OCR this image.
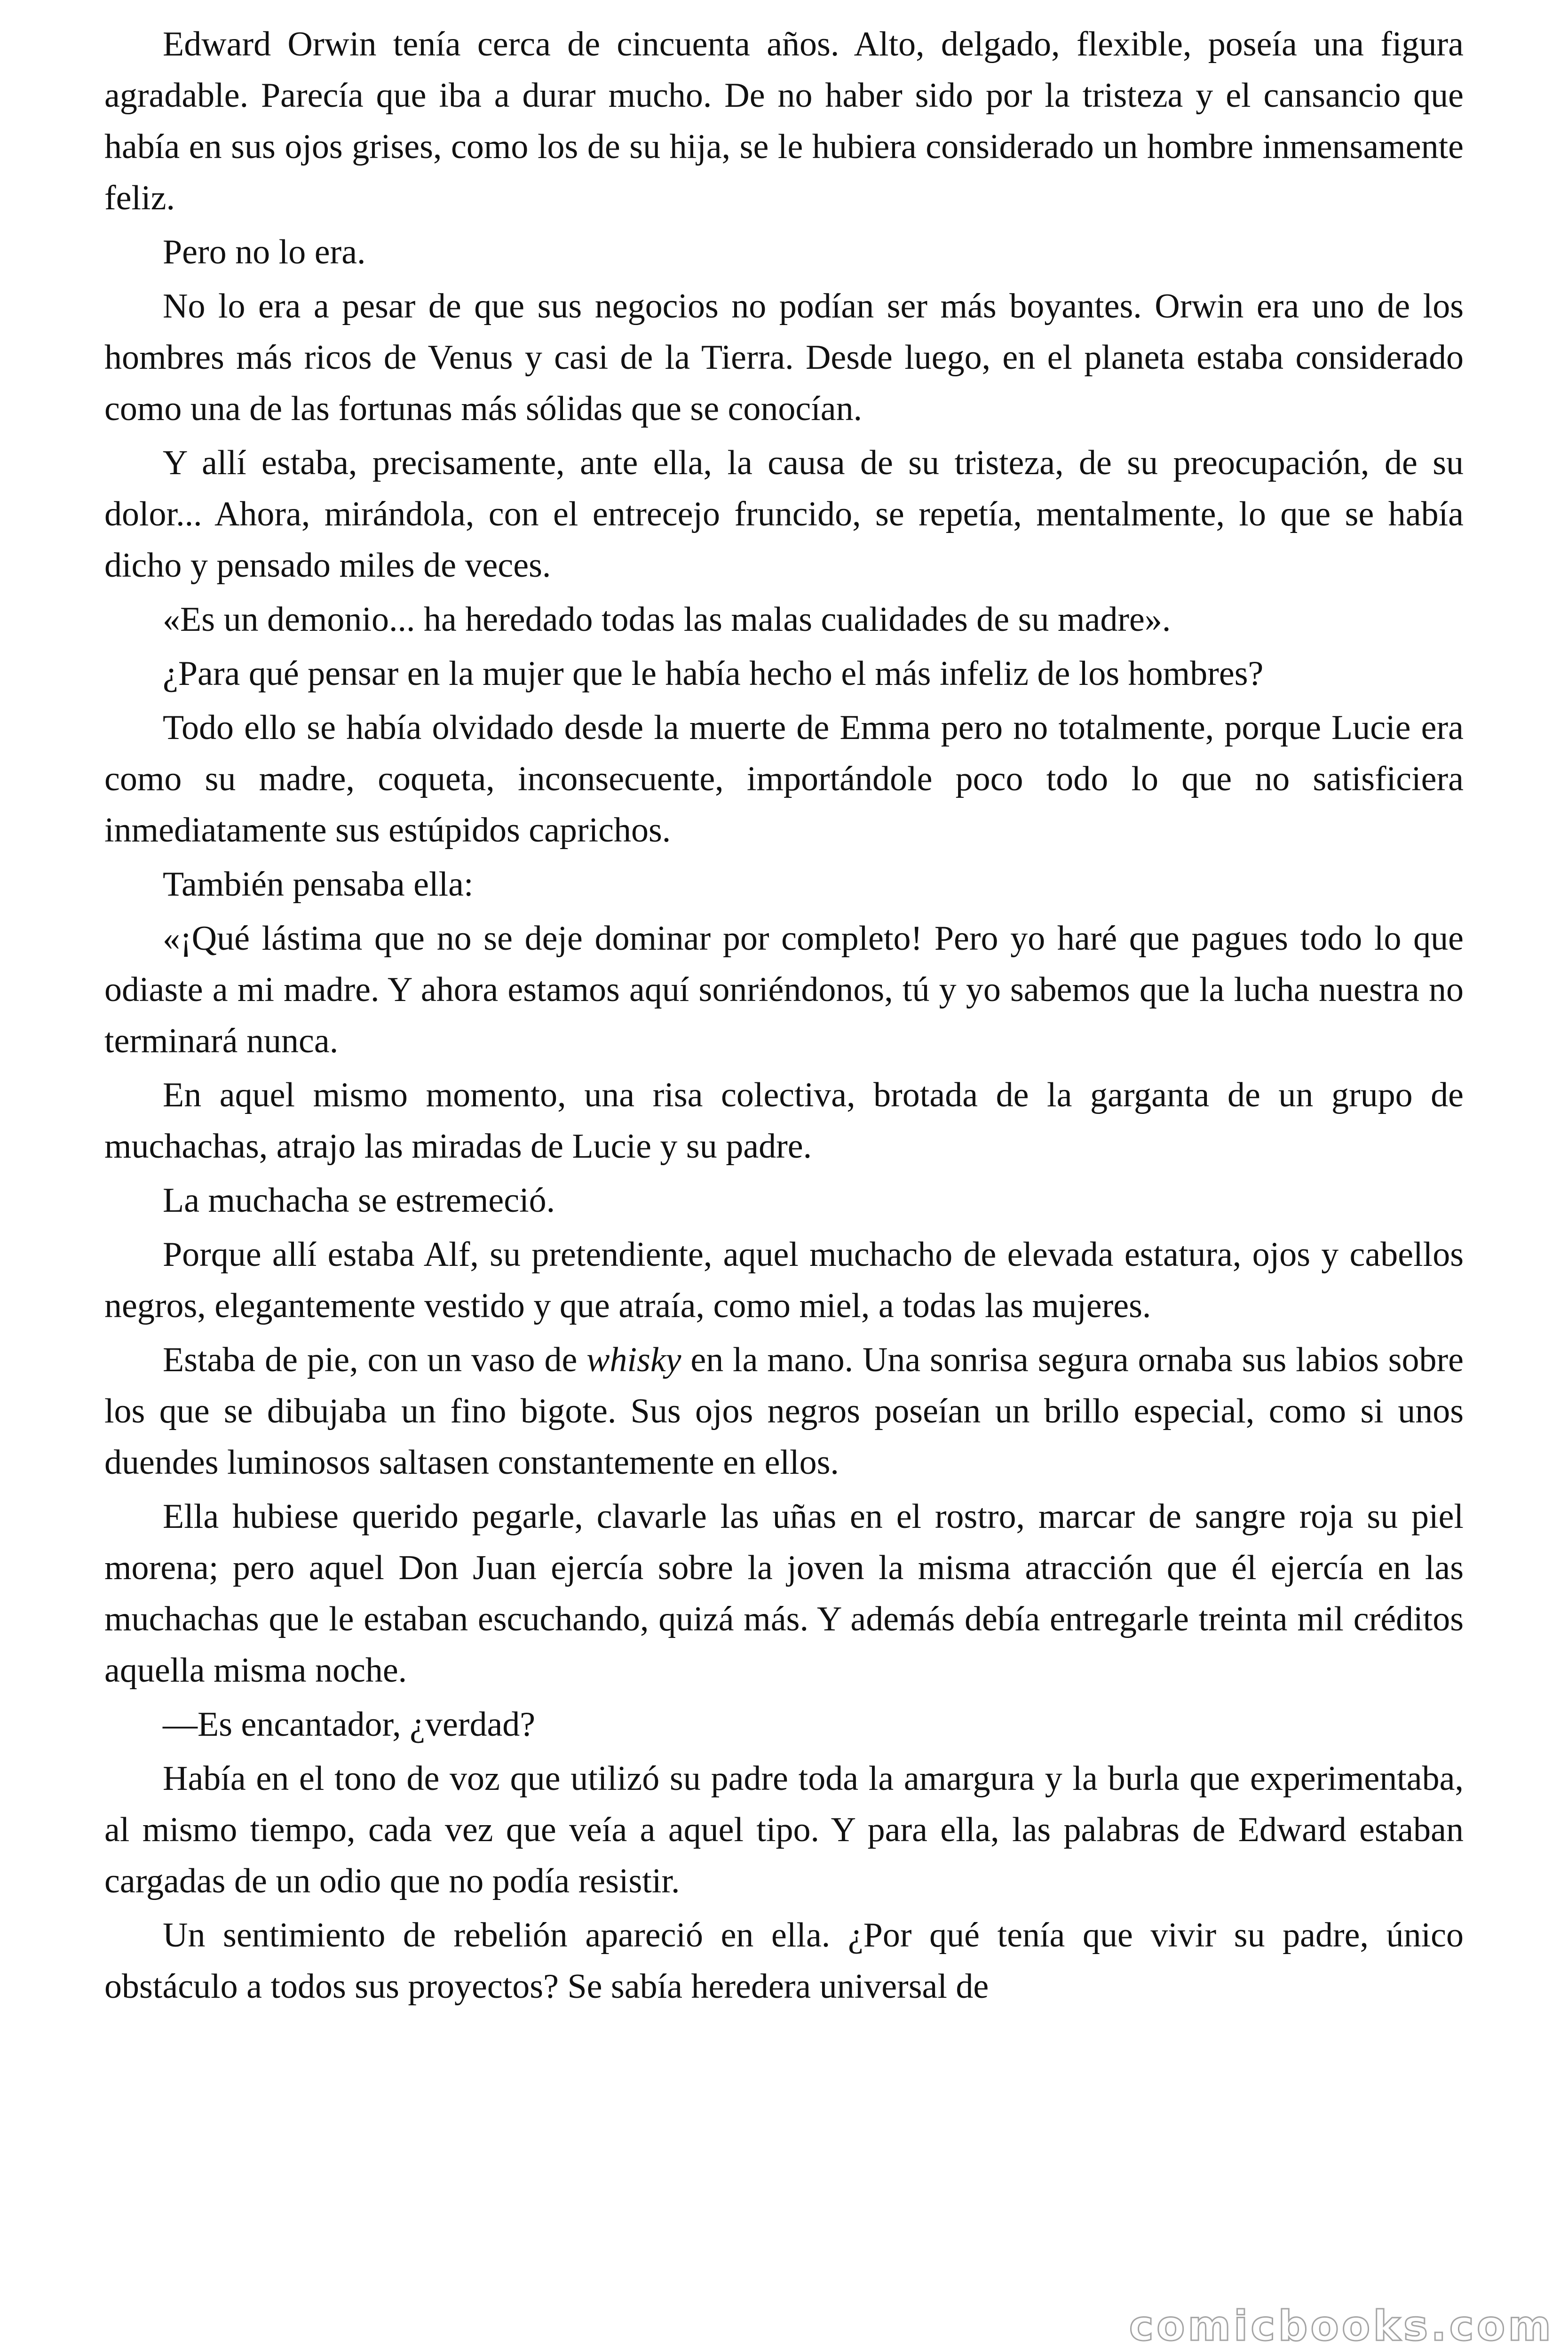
Edward Orwin tenía cerca de cincuenta años. Alto, delgado, flexible, poseía una figura agradable. Parecía que iba a durar mucho. De no haber sido por la tristeza y el cansancio que había en sus ojos grises, como los de su hija, se le hubiera considerado un hombre inmensamente feliz.

Pero no lo era.

No lo era a pesar de que sus negocios no podían ser más boyantes. Orwin era uno de los hombres más ricos de Venus y casi de la Tierra. Desde luego, en el planeta estaba considerado como una de las fortunas más sólidas que se conocían.

Y allí estaba, precisamente, ante ella, la causa de su tristeza, de su preocupación, de su dolor... Ahora, mirándola, con el entrecejo fruncido, se repetía, mentalmente, lo que se había dicho y pensado miles de veces.

«Es un demonio... ha heredado todas las malas cualidades de su madre».

¿Para qué pensar en la mujer que le había hecho el más infeliz de los hombres?

Todo ello se había olvidado desde la muerte de Emma pero no totalmente, porque Lucie era como su madre, coqueta, inconsecuente, importándole poco todo lo que no satisficiera inmediatamente sus estúpidos caprichos.

También pensaba ella:

«¡Qué lástima que no se deje dominar por completo! Pero yo haré que pagues todo lo que odiaste a mi madre. Y ahora estamos aquí sonriéndonos, tú y yo sabemos que la lucha nuestra no terminará nunca.

En aquel mismo momento, una risa colectiva, brotada de la garganta de un grupo de muchachas, atrajo las miradas de Lucie y su padre.

La muchacha se estremeció.

Porque allí estaba Alf, su pretendiente, aquel muchacho de elevada estatura, ojos y cabellos negros, elegantemente vestido y que atraía, como miel, a todas las mujeres.

Estaba de pie, con un vaso de whisky en la mano. Una sonrisa segura ornaba sus labios sobre los que se dibujaba un fino bigote. Sus ojos negros poseían un brillo especial, como si unos duendes luminosos saltasen constantemente en ellos.

Ella hubiese querido pegarle, clavarle las uñas en el rostro, marcar de sangre roja su piel morena; pero aquel Don Juan ejercía sobre la joven la misma atracción que él ejercía en las muchachas que le estaban escuchando, quizá más. Y además debía entregarle treinta mil créditos aquella misma noche.

—Es encantador, ¿verdad?

Había en el tono de voz que utilizó su padre toda la amargura y la burla que experimentaba, al mismo tiempo, cada vez que veía a aquel tipo. Y para ella, las palabras de Edward estaban cargadas de un odio que no podía resistir.

Un sentimiento de rebelión apareció en ella. ¿Por qué tenía que vivir su padre, único obstáculo a todos sus proyectos? Se sabía heredera universal de

comicbooks.com
